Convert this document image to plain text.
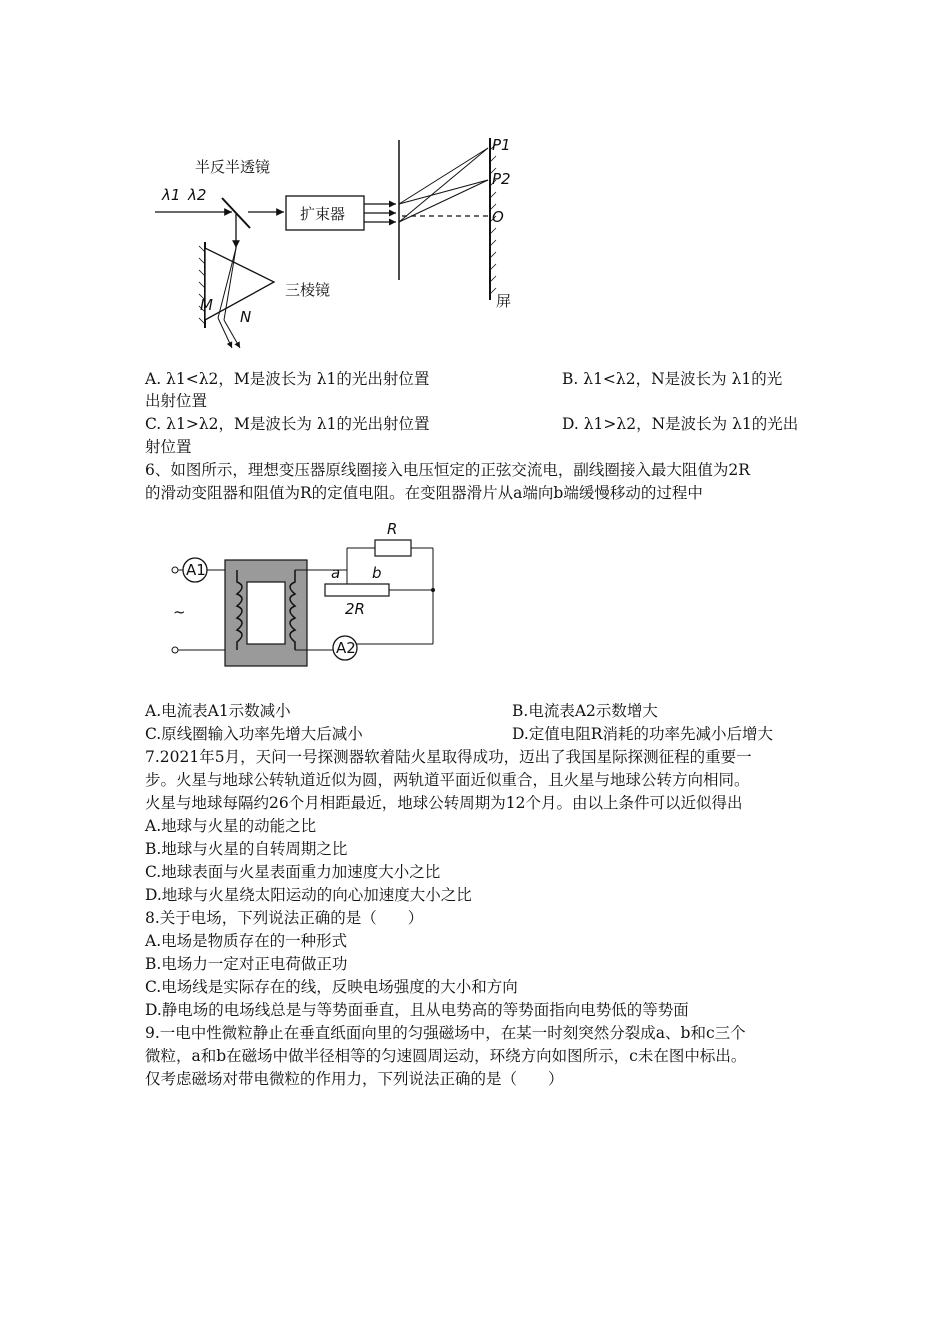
半反半透镜
λ1 λ2
扩束器
P1
P2
O
屏
三棱镜
M
N
A. λ1<λ2，M是波长为 λ1的光出射位置	B. λ1<λ2，N是波长为 λ1的光
出射位置
C. λ1>λ2，M是波长为 λ1的光出射位置	D. λ1>λ2，N是波长为 λ1的光出
射位置
6、如图所示，理想变压器原线圈接入电压恒定的正弦交流电，副线圈接入最大阻值为2R
的滑动变阻器和阻值为R的定值电阻。在变阻器滑片从a端向b端缓慢移动的过程中
A1
~
R
a b
2R
A2
A.电流表A1示数减小	B.电流表A2示数增大
C.原线圈输入功率先增大后减小	D.定值电阻R消耗的功率先减小后增大
7.2021年5月，天问一号探测器软着陆火星取得成功，迈出了我国星际探测征程的重要一
步。火星与地球公转轨道近似为圆，两轨道平面近似重合，且火星与地球公转方向相同。
火星与地球每隔约26个月相距最近，地球公转周期为12个月。由以上条件可以近似得出
A.地球与火星的动能之比
B.地球与火星的自转周期之比
C.地球表面与火星表面重力加速度大小之比
D.地球与火星绕太阳运动的向心加速度大小之比
8.关于电场，下列说法正确的是（　　）
A.电场是物质存在的一种形式
B.电场力一定对正电荷做正功
C.电场线是实际存在的线，反映电场强度的大小和方向
D.静电场的电场线总是与等势面垂直，且从电势高的等势面指向电势低的等势面
9.一电中性微粒静止在垂直纸面向里的匀强磁场中，在某一时刻突然分裂成a、b和c三个
微粒，a和b在磁场中做半径相等的匀速圆周运动，环绕方向如图所示，c未在图中标出。
仅考虑磁场对带电微粒的作用力，下列说法正确的是（　　）
